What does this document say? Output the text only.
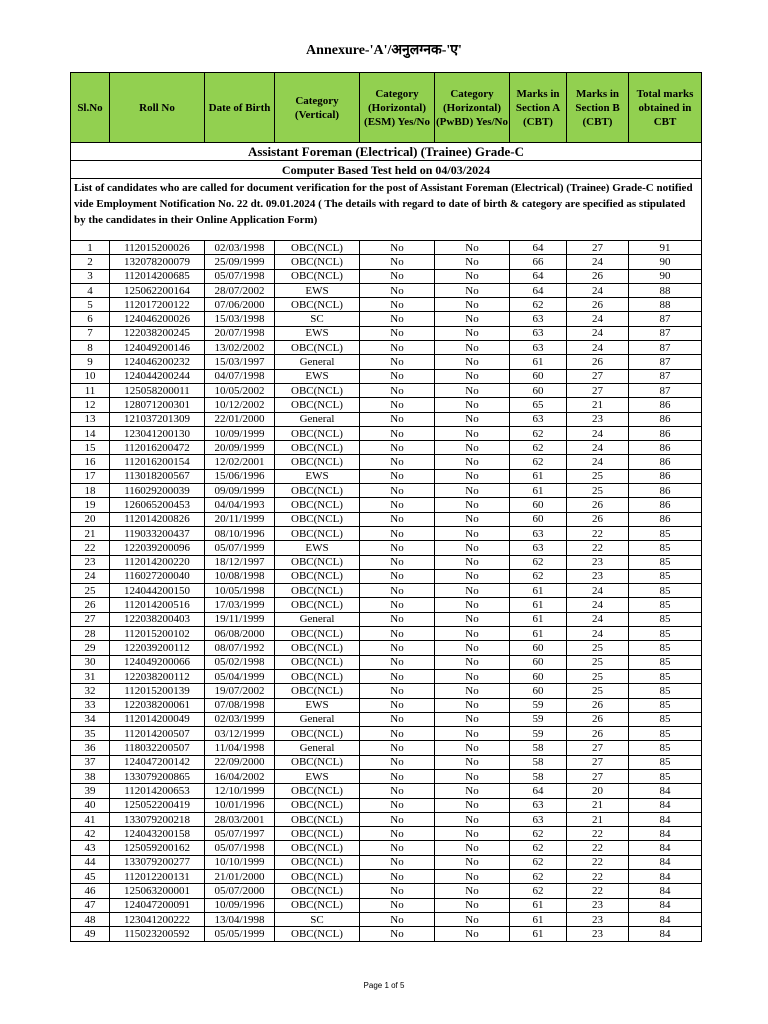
Annexure-'A'/अनुलग्नक-'ए'
Assistant Foreman (Electrical) (Trainee) Grade-C								
Computer Based Test held on 04/03/2024								
List of candidates who are called for document verification for the post of Assistant Foreman (Electrical) (Trainee) Grade-C notified vide Employment Notification No. 22 dt. 09.01.2024 ( The details with regard to date of birth & category are specified as stipulated by the candidates in their Online Application Form)								
Sl.No	Roll No	Date of Birth	Category (Vertical)	Category (Horizontal) (ESM) Yes/No	Category (Horizontal) (PwBD) Yes/No	Marks in Section A (CBT)	Marks in Section B (CBT)	Total marks obtained in CBT
1	112015200026	02/03/1998	OBC(NCL)	No	No	64	27	91
2	132078200079	25/09/1999	OBC(NCL)	No	No	66	24	90
3	112014200685	05/07/1998	OBC(NCL)	No	No	64	26	90
4	125062200164	28/07/2002	EWS	No	No	64	24	88
5	112017200122	07/06/2000	OBC(NCL)	No	No	62	26	88
6	124046200026	15/03/1998	SC	No	No	63	24	87
7	122038200245	20/07/1998	EWS	No	No	63	24	87
8	124049200146	13/02/2002	OBC(NCL)	No	No	63	24	87
9	124046200232	15/03/1997	General	No	No	61	26	87
10	124044200244	04/07/1998	EWS	No	No	60	27	87
11	125058200011	10/05/2002	OBC(NCL)	No	No	60	27	87
12	128071200301	10/12/2002	OBC(NCL)	No	No	65	21	86
13	121037201309	22/01/2000	General	No	No	63	23	86
14	123041200130	10/09/1999	OBC(NCL)	No	No	62	24	86
15	112016200472	20/09/1999	OBC(NCL)	No	No	62	24	86
16	112016200154	12/02/2001	OBC(NCL)	No	No	62	24	86
17	113018200567	15/06/1996	EWS	No	No	61	25	86
18	116029200039	09/09/1999	OBC(NCL)	No	No	61	25	86
19	126065200453	04/04/1993	OBC(NCL)	No	No	60	26	86
20	112014200826	20/11/1999	OBC(NCL)	No	No	60	26	86
21	119033200437	08/10/1996	OBC(NCL)	No	No	63	22	85
22	122039200096	05/07/1999	EWS	No	No	63	22	85
23	112014200220	18/12/1997	OBC(NCL)	No	No	62	23	85
24	116027200040	10/08/1998	OBC(NCL)	No	No	62	23	85
25	124044200150	10/05/1998	OBC(NCL)	No	No	61	24	85
26	112014200516	17/03/1999	OBC(NCL)	No	No	61	24	85
27	122038200403	19/11/1999	General	No	No	61	24	85
28	112015200102	06/08/2000	OBC(NCL)	No	No	61	24	85
29	122039200112	08/07/1992	OBC(NCL)	No	No	60	25	85
30	124049200066	05/02/1998	OBC(NCL)	No	No	60	25	85
31	122038200112	05/04/1999	OBC(NCL)	No	No	60	25	85
32	112015200139	19/07/2002	OBC(NCL)	No	No	60	25	85
33	122038200061	07/08/1998	EWS	No	No	59	26	85
34	112014200049	02/03/1999	General	No	No	59	26	85
35	112014200507	03/12/1999	OBC(NCL)	No	No	59	26	85
36	118032200507	11/04/1998	General	No	No	58	27	85
37	124047200142	22/09/2000	OBC(NCL)	No	No	58	27	85
38	133079200865	16/04/2002	EWS	No	No	58	27	85
39	112014200653	12/10/1999	OBC(NCL)	No	No	64	20	84
40	125052200419	10/01/1996	OBC(NCL)	No	No	63	21	84
41	133079200218	28/03/2001	OBC(NCL)	No	No	63	21	84
42	124043200158	05/07/1997	OBC(NCL)	No	No	62	22	84
43	125059200162	05/07/1998	OBC(NCL)	No	No	62	22	84
44	133079200277	10/10/1999	OBC(NCL)	No	No	62	22	84
45	112012200131	21/01/2000	OBC(NCL)	No	No	62	22	84
46	125063200001	05/07/2000	OBC(NCL)	No	No	62	22	84
47	124047200091	10/09/1996	OBC(NCL)	No	No	61	23	84
48	123041200222	13/04/1998	SC	No	No	61	23	84
49	115023200592	05/05/1999	OBC(NCL)	No	No	61	23	84
Page 1 of 5
